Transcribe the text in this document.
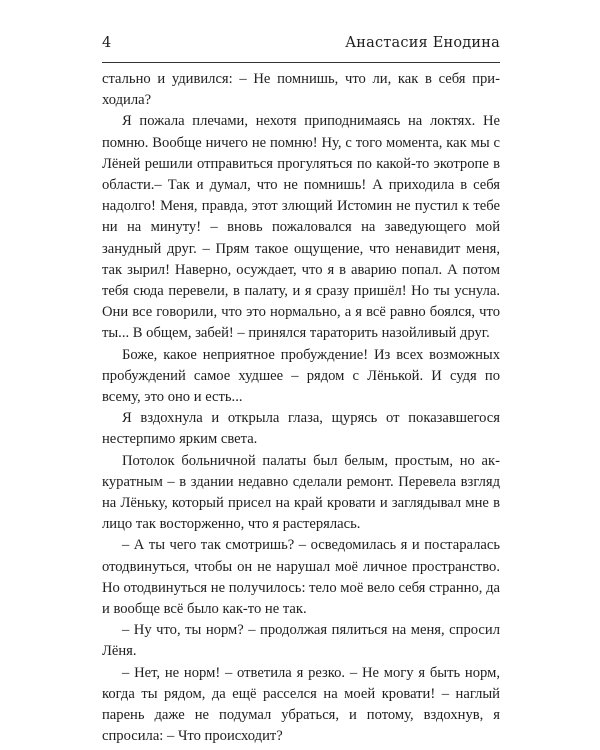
4	Анастасия Енодина

стально и удивился: – Не помнишь, что ли, как в себя приходила?

Я пожала плечами, нехотя приподнимаясь на локтях. Не помню. Вообще ничего не помню! Ну, с того момента, как мы с Лёней решили отправиться прогуляться по какой-то экотропе в области.– Так и думал, что не помнишь! А приходила в себя надолго! Меня, правда, этот злющий Истомин не пустил к тебе ни на минуту! – вновь пожаловался на заведующего мой занудный друг. – Прям такое ощущение, что ненавидит меня, так зырил! Наверно, осуждает, что я в аварию попал. А потом тебя сюда перевели, в палату, и я сразу пришёл! Но ты уснула. Они все говорили, что это нормально, а я всё равно боялся, что ты... В общем, забей! – принялся тараторить назойливый друг.

Боже, какое неприятное пробуждение! Из всех возможных пробуждений самое худшее – рядом с Лёнькой. И судя по всему, это оно и есть...

Я вздохнула и открыла глаза, щурясь от показавшегося нестерпимо ярким света.

Потолок больничной палаты был белым, простым, но аккуратным – в здании недавно сделали ремонт. Перевела взгляд на Лёньку, который присел на край кровати и заглядывал мне в лицо так восторженно, что я растерялась.

– А ты чего так смотришь? – осведомилась я и постаралась отодвинуться, чтобы он не нарушал моё личное пространство. Но отодвинуться не получилось: тело моё вело себя странно, да и вообще всё было как-то не так.

– Ну что, ты норм? – продолжая пялиться на меня, спросил Лёня.

– Нет, не норм! – ответила я резко. – Не могу я быть норм, когда ты рядом, да ещё расселся на моей кровати! – наглый парень даже не подумал убраться, и потому, вздохнув, я спросила: – Что происходит?
